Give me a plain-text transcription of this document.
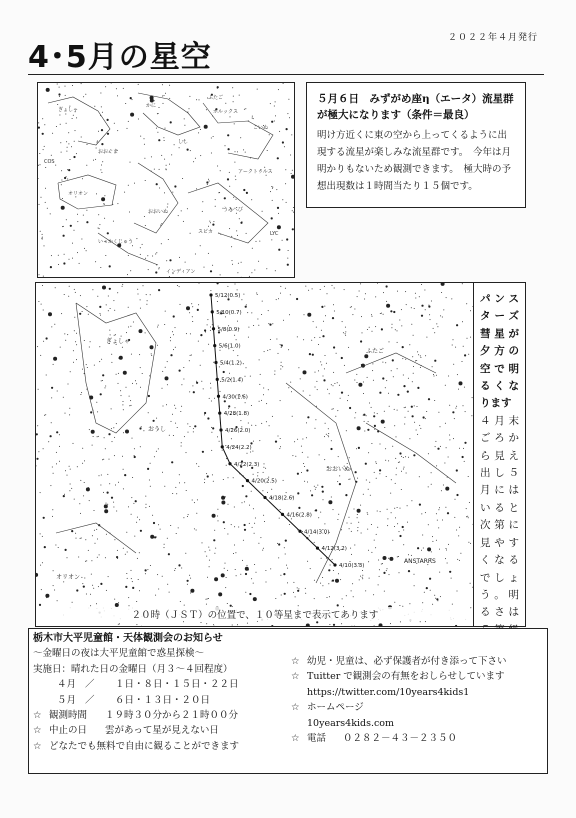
4･5月の星空
２０２２年４月発行
ぎょしゃ
かに
ふたご
こいぬ
オリオン
おおいぬ	うみへび
しし
おおぐま
アークトゥルス
インディアン
いっかくじゅう
スピカ
ポルックス
COS
LYC
５月６日　みずがめ座η（エータ）流星群が極大になります（条件＝最良）
明け方近くに東の空から上ってくるように出現する流星が楽しみな流星群です。　今年は月明かりもないため観測できます。　極大時の予想出現数は１時間当たり１５個です。
5/12(0.5)
5/10(0.7)
5/8(0.9)
5/6(1.0)
5/4(1.2)
5/2(1.4)
4/30(1.6)
4/28(1.8)
4/26(2.0)
4/24(2.2)
4/22(2.3)
4/20(2.5)
4/18(2.6)
4/16(2.8)
4/14(3.0)
4/12(3.2)
4/10(3.3)
おうし
ぎょしゃ
ふたご
おおいぬ
ANSTARRS
オリオン
パンスターズ彗星が夕方の空で明るくなります
４月末ごろから見え出し５月にはいると次第に見やすくなるでしょう。明るさは
２０時（ＪＳＴ）の位置で、１０等星まで表示てあります
栃木市大平児童館・天体観測会のお知らせ
～金曜日の夜は大平児童館で惑星探検～
実施日：晴れた日の金曜日（月３～４回程度）
４月 ／ １日・８日・１５日・２２日
５月 ／ ６日・１３日・２０日
☆ 観測時間 １９時３０分から２１時００分
☆ 中止の日 雲があって星が見えない日
☆ どなたでも無料で自由に観ることができます
☆ 幼児・児童は、必ず保護者が付き添って下さい
☆ Tuitter で観測会の有無をおしらせしています
https://twitter.com/10years4kids1
☆ ホームページ
10years4kids.com
☆ 電話 ０２８２－４３－２３５０
